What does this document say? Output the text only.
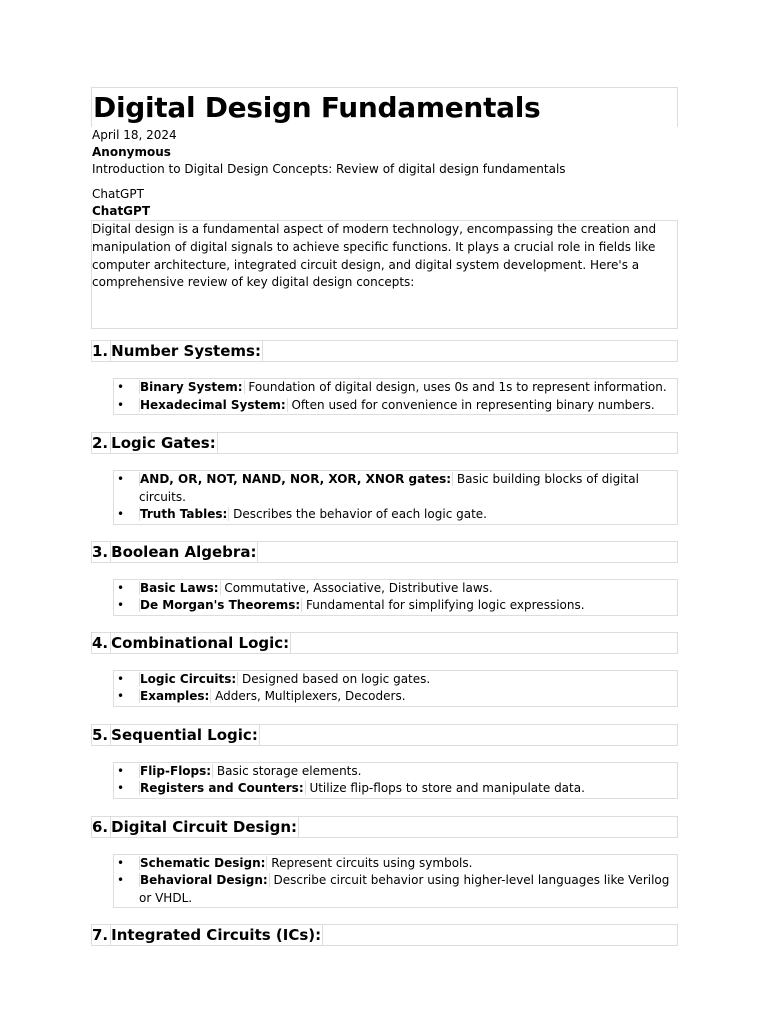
Digital Design Fundamentals
April 18, 2024
Anonymous
Introduction to Digital Design Concepts: Review of digital design fundamentals
ChatGPT
ChatGPT
Digital design is a fundamental aspect of modern technology, encompassing the creation and manipulation of digital signals to achieve specific functions. It plays a crucial role in fields like computer architecture, integrated circuit design, and digital system development. Here's a comprehensive review of key digital design concepts:
1. Number Systems:
• Binary System: Foundation of digital design, uses 0s and 1s to represent information.
• Hexadecimal System: Often used for convenience in representing binary numbers.
2. Logic Gates:
• AND, OR, NOT, NAND, NOR, XOR, XNOR gates: Basic building blocks of digital circuits.
• Truth Tables: Describes the behavior of each logic gate.
3. Boolean Algebra:
• Basic Laws: Commutative, Associative, Distributive laws.
• De Morgan's Theorems: Fundamental for simplifying logic expressions.
4. Combinational Logic:
• Logic Circuits: Designed based on logic gates.
• Examples: Adders, Multiplexers, Decoders.
5. Sequential Logic:
• Flip-Flops: Basic storage elements.
• Registers and Counters: Utilize flip-flops to store and manipulate data.
6. Digital Circuit Design:
• Schematic Design: Represent circuits using symbols.
• Behavioral Design: Describe circuit behavior using higher-level languages like Verilog or VHDL.
7. Integrated Circuits (ICs):
